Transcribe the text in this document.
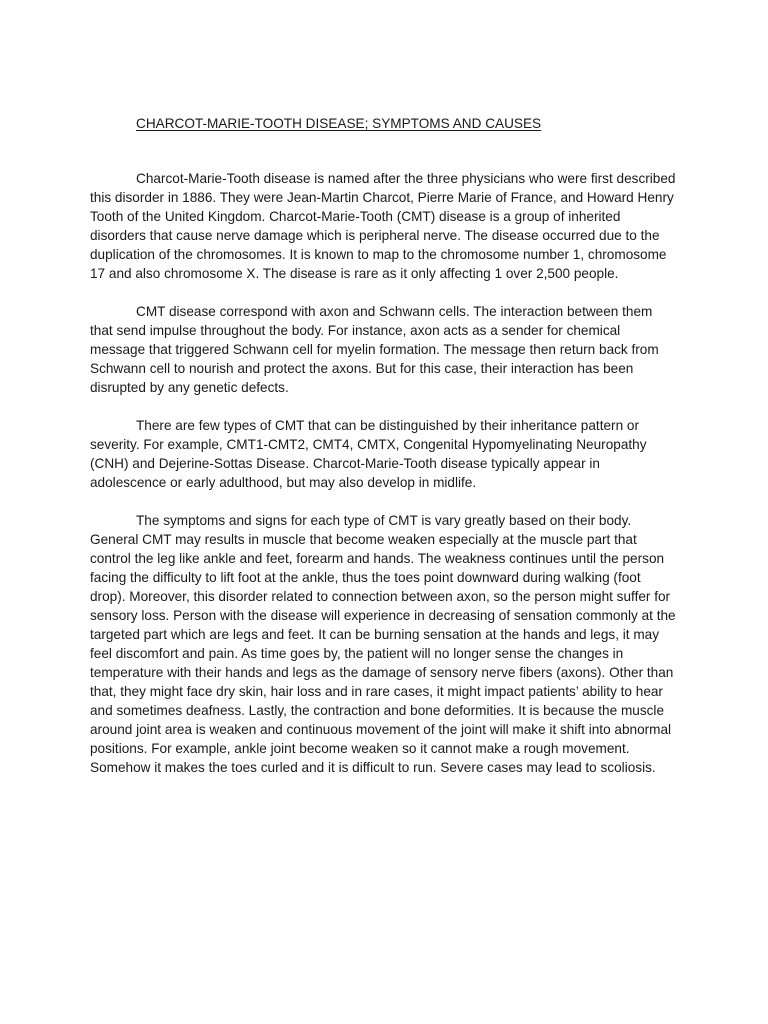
CHARCOT-MARIE-TOOTH DISEASE; SYMPTOMS AND CAUSES

Charcot-Marie-Tooth disease is named after the three physicians who were first described this disorder in 1886. They were Jean-Martin Charcot, Pierre Marie of France, and Howard Henry Tooth of the United Kingdom. Charcot-Marie-Tooth (CMT) disease is a group of inherited disorders that cause nerve damage which is peripheral nerve. The disease occurred due to the duplication of the chromosomes. It is known to map to the chromosome number 1, chromosome 17 and also chromosome X. The disease is rare as it only affecting 1 over 2,500 people.

CMT disease correspond with axon and Schwann cells. The interaction between them that send impulse throughout the body. For instance, axon acts as a sender for chemical message that triggered Schwann cell for myelin formation. The message then return back from Schwann cell to nourish and protect the axons. But for this case, their interaction has been disrupted by any genetic defects.

There are few types of CMT that can be distinguished by their inheritance pattern or severity. For example, CMT1-CMT2, CMT4, CMTX, Congenital Hypomyelinating Neuropathy (CNH) and Dejerine-Sottas Disease. Charcot-Marie-Tooth disease typically appear in adolescence or early adulthood, but may also develop in midlife.

The symptoms and signs for each type of CMT is vary greatly based on their body. General CMT may results in muscle that become weaken especially at the muscle part that control the leg like ankle and feet, forearm and hands. The weakness continues until the person facing the difficulty to lift foot at the ankle, thus the toes point downward during walking (foot drop). Moreover, this disorder related to connection between axon, so the person might suffer for sensory loss. Person with the disease will experience in decreasing of sensation commonly at the targeted part which are legs and feet. It can be burning sensation at the hands and legs, it may feel discomfort and pain. As time goes by, the patient will no longer sense the changes in temperature with their hands and legs as the damage of sensory nerve fibers (axons). Other than that, they might face dry skin, hair loss and in rare cases, it might impact patients’ ability to hear and sometimes deafness. Lastly, the contraction and bone deformities. It is because the muscle around joint area is weaken and continuous movement of the joint will make it shift into abnormal positions. For example, ankle joint become weaken so it cannot make a rough movement. Somehow it makes the toes curled and it is difficult to run. Severe cases may lead to scoliosis.
